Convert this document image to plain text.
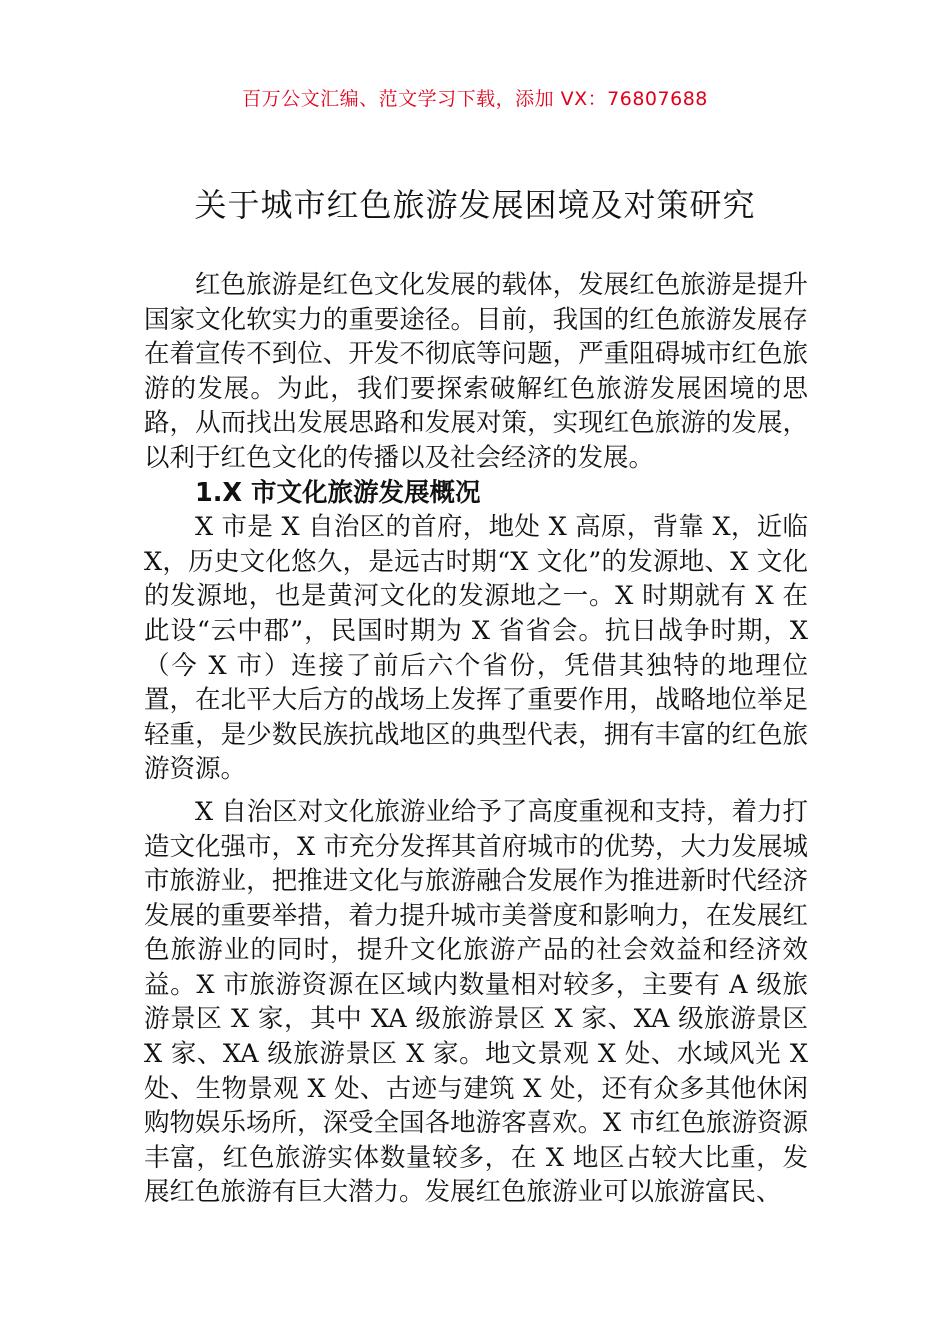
百万公文汇编、范文学习下载，添加 VX：76807688
关于城市红色旅游发展困境及对策研究

红色旅游是红色文化发展的载体，发展红色旅游是提升国家文化软实力的重要途径。目前，我国的红色旅游发展存在着宣传不到位、开发不彻底等问题，严重阻碍城市红色旅游的发展。为此，我们要探索破解红色旅游发展困境的思路，从而找出发展思路和发展对策，实现红色旅游的发展，以利于红色文化的传播以及社会经济的发展。

1.X 市文化旅游发展概况

X 市是 X 自治区的首府，地处 X 高原，背靠 X，近临 X，历史文化悠久，是远古时期“X 文化”的发源地、X 文化的发源地，也是黄河文化的发源地之一。X 时期就有 X 在此设“云中郡”，民国时期为 X 省省会。抗日战争时期，X（今 X 市）连接了前后六个省份，凭借其独特的地理位置，在北平大后方的战场上发挥了重要作用，战略地位举足轻重，是少数民族抗战地区的典型代表，拥有丰富的红色旅游资源。

X 自治区对文化旅游业给予了高度重视和支持，着力打造文化强市，X 市充分发挥其首府城市的优势，大力发展城市旅游业，把推进文化与旅游融合发展作为推进新时代经济发展的重要举措，着力提升城市美誉度和影响力，在发展红色旅游业的同时，提升文化旅游产品的社会效益和经济效益。X 市旅游资源在区域内数量相对较多，主要有 A 级旅游景区 X 家，其中 XA 级旅游景区 X 家、XA 级旅游景区 X 家、XA 级旅游景区 X 家。地文景观 X 处、水域风光 X 处、生物景观 X 处、古迹与建筑 X 处，还有众多其他休闲购物娱乐场所，深受全国各地游客喜欢。X 市红色旅游资源丰富，红色旅游实体数量较多，在 X 地区占较大比重，发展红色旅游有巨大潜力。发展红色旅游业可以旅游富民、
